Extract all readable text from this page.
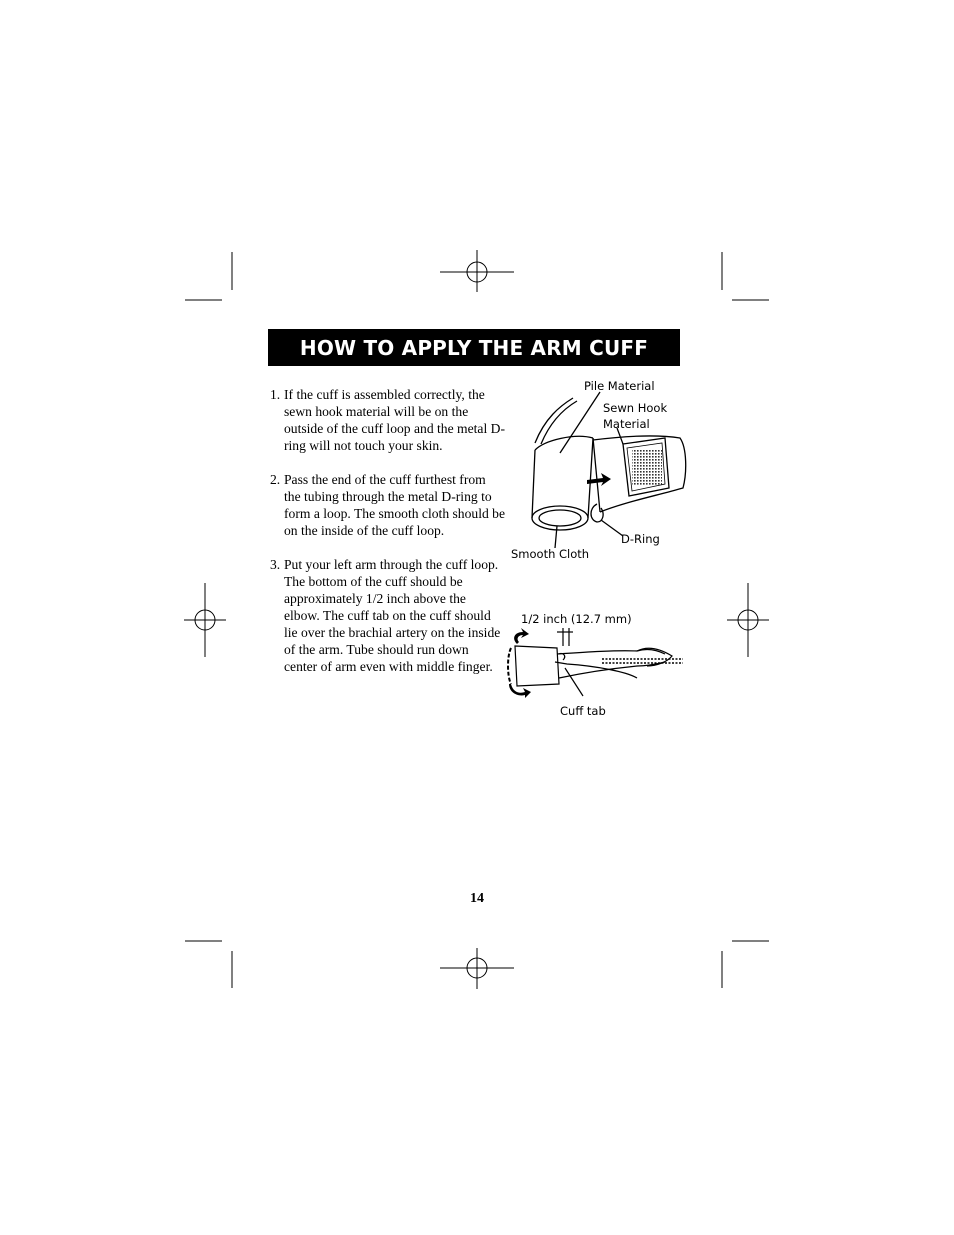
HOW TO APPLY THE ARM CUFF
1. If the cuff is assembled correctly, the sewn hook material will be on the outside of the cuff loop and the metal D-ring will not touch your skin.
2. Pass the end of the cuff furthest from the tubing through the metal D-ring to form a loop. The smooth cloth should be on the inside of the cuff loop.
3. Put your left arm through the cuff loop. The bottom of the cuff should be approximately 1/2 inch above the elbow. The cuff tab on the cuff should lie over the brachial artery on the inside of the arm. Tube should run down center of arm even with middle finger.
Pile Material
Sewn Hook
Material
D-Ring
Smooth Cloth
1/2 inch (12.7 mm)
Cuff tab
14
